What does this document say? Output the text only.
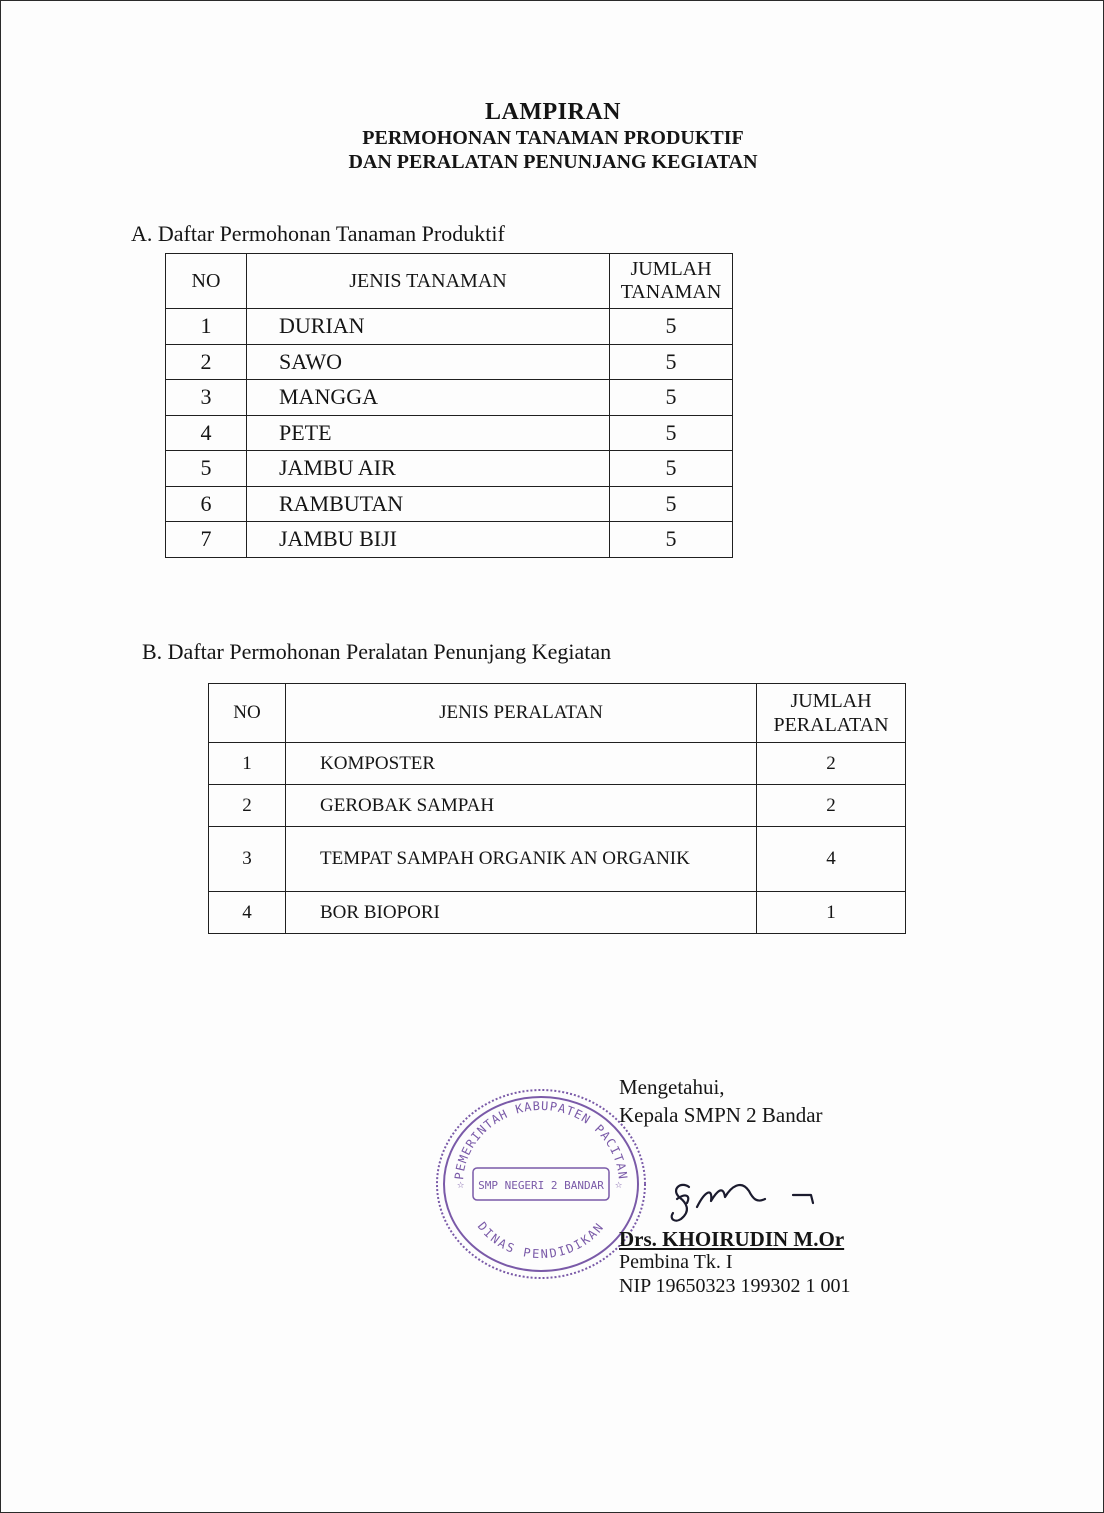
LAMPIRAN
PERMOHONAN TANAMAN PRODUKTIF
DAN PERALATAN PENUNJANG KEGIATAN
A. Daftar Permohonan Tanaman Produktif
NO	JENIS TANAMAN	JUMLAH
TANAMAN
1	DURIAN	5
2	SAWO	5
3	MANGGA	5
4	PETE	5
5	JAMBU AIR	5
6	RAMBUTAN	5
7	JAMBU BIJI	5
B. Daftar Permohonan Peralatan Penunjang Kegiatan
NO	JENIS PERALATAN	JUMLAH
PERALATAN
1	KOMPOSTER	2
2	GEROBAK SAMPAH	2
3	TEMPAT SAMPAH ORGANIK AN ORGANIK	4
4	BOR BIOPORI	1
PEMERINTAH KABUPATEN PACITAN
DINAS PENDIDIKAN
SMP NEGERI 2 BANDAR
☆	☆
Mengetahui,
Kepala SMPN 2 Bandar
Drs. KHOIRUDIN M.Or
Pembina Tk. I
NIP 19650323 199302 1 001
